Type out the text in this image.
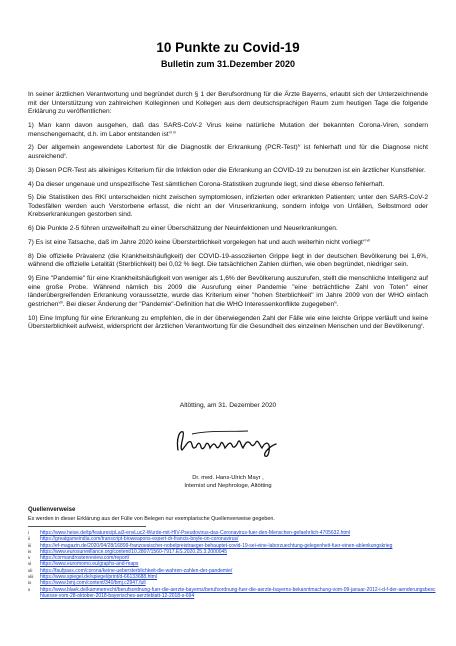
10 Punkte zu Covid-19
Bulletin zum 31.Dezember 2020

In seiner ärztlichen Verantwortung und begründet durch § 1 der Berufsordnung für die Ärzte Bayerns, erlaubt sich der Unterzeichnende mit der Unterstützung von zahlreichen Kolleginnen und Kollegen aus dem deutschsprachigen Raum zum heutigen Tage die folgende Erklärung zu veröffentlichen:

1) Man kann davon ausgehen, daß das SARS-CoV-2 Virus keine natürliche Mutation der bekannten Corona-Viren, sondern menschengemacht, d.h. im Labor entstanden ist$^{i ii iii}$

2) Der allgemein angewendete Labortest für die Diagnostik der Erkrankung (PCR-Test)$^{iv}$ ist fehlerhaft und für die Diagnose nicht ausreichend$^v$.

3) Diesen PCR-Test als alleiniges Kriterium für die Infektion oder die Erkrankung an COVID-19 zu benutzen ist ein ärztlicher Kunstfehler.

4) Da dieser ungenaue und unspezifische Test sämtlichen Corona-Statistiken zugrunde liegt, sind diese ebenso fehlerhaft.

5) Die Statistiken des RKI unterscheiden nicht zwischen symptomlosen, infizierten oder erkrankten Patienten; unter den SARS-CoV-2 Todesfällen werden auch Verstorbene erfasst, die nicht an der Viruserkrankung, sondern infolge von Unfällen, Selbstmord oder Krebserkrankungen gestorben sind.

6) Die Punkte 2-5 führen unzweifelhaft zu einer Überschätzung der Neuinfektionen und Neuerkrankungen.

7) Es ist eine Tatsache, daß im Jahre 2020 keine Übersterblichkeit vorgelegen hat und auch weiterhin nicht vorliegt$^{vi vii}$

8) Die offizielle Prävalenz (die Krankheitshäufigkeit) der COVID-19-assoziierten Grippe liegt in der deutschen Bevölkerung bei 1,6%, während die offizielle Letalität (Sterblichkeit) bei 0,02 % liegt. Die tatsächlichen Zahlen dürften, wie oben begründet, niedriger sein.

9) Eine "Pandemie" für eine Krankheitshäufigkeit von weniger als 1,6% der Bevölkerung auszurufen, stellt die menschliche Intelligenz auf eine große Probe. Während nämlich bis 2009 die Ausrufung einer Pandemie "eine beträchtliche Zahl von Toten" einer länderübergreifenden Erkrankung voraussetzte, wurde das Kriterium einer "hohen Sterblichkeit" im Jahre 2009 von der WHO einfach gestrichen$^{viii}$. Bei dieser Änderung der "Pandemie"-Definition hat die WHO Interessenkonflikte zugegeben$^{ix}$.

10) Eine Impfung für eine Erkrankung zu empfehlen, die in der überwiegenden Zahl der Fälle wie eine leichte Grippe verläuft und keine Übersterblichkeit aufweist, widerspricht der ärztlichen Verantwortung für die Gesundheit des einzelnen Menschen und der Bevölkerung$^x$.

Altötting, am 31. Dezember 2020
Dr. med. Hans-Ulrich Mayr ,
Internist und Nephrologe, Altötting
Quellenverweise
Es werden in dieser Erklärung aus der Fülle von Belegen nur exemplarische Quellenverweise gegeben.
i https://www.heise.de/tp/features/pLai3-envLuc2-Wurde-mit-HIV-Pseudovirus-das-Coronavirus-fuer-den-Menschen-gefaehrlich-4705632.html
ii https://greatgameindia.com/transcript-bioweapons-expert-dr-francis-boyle-on-coronavirus/
iii https://ef-magazin.de/2020/04/28/16899-franzoesischer-nobelpreistraeger-behauptet-covid-19-sei-eine-laborzuechtung-gelegenheit-fuer-einen-ablenkungskrieg
iv https://www.eurosurveillance.org/content/10.2807/1560-7917.ES.2020.25.3.2000045
v https://cormandrostenreview.com/report/
vi https://www.euromomo.eu/graphs-and-maps
vii https://faufpass.com/corona/keine-uebersterblichkeit-die-wahren-zahlen-der-pandemie/
viii https://www.spiegel.de/spiegel/print/d-66133688.html
ix https://www.bmj.com/content/340/bmj.c2947.full
x https://www.blaek.de/kammerrecht/berufsordnung-fuer-die-aerzte-bayerns/berufsordnung-fuer-die-aerzte-bayerns-bekanntmachung-vom-09-januar-2012-i-d-f-der-aenderungsbeschluesse-vom-28-oktober-2018-bayerisches-aerzteblatt-12-2018-s-694
